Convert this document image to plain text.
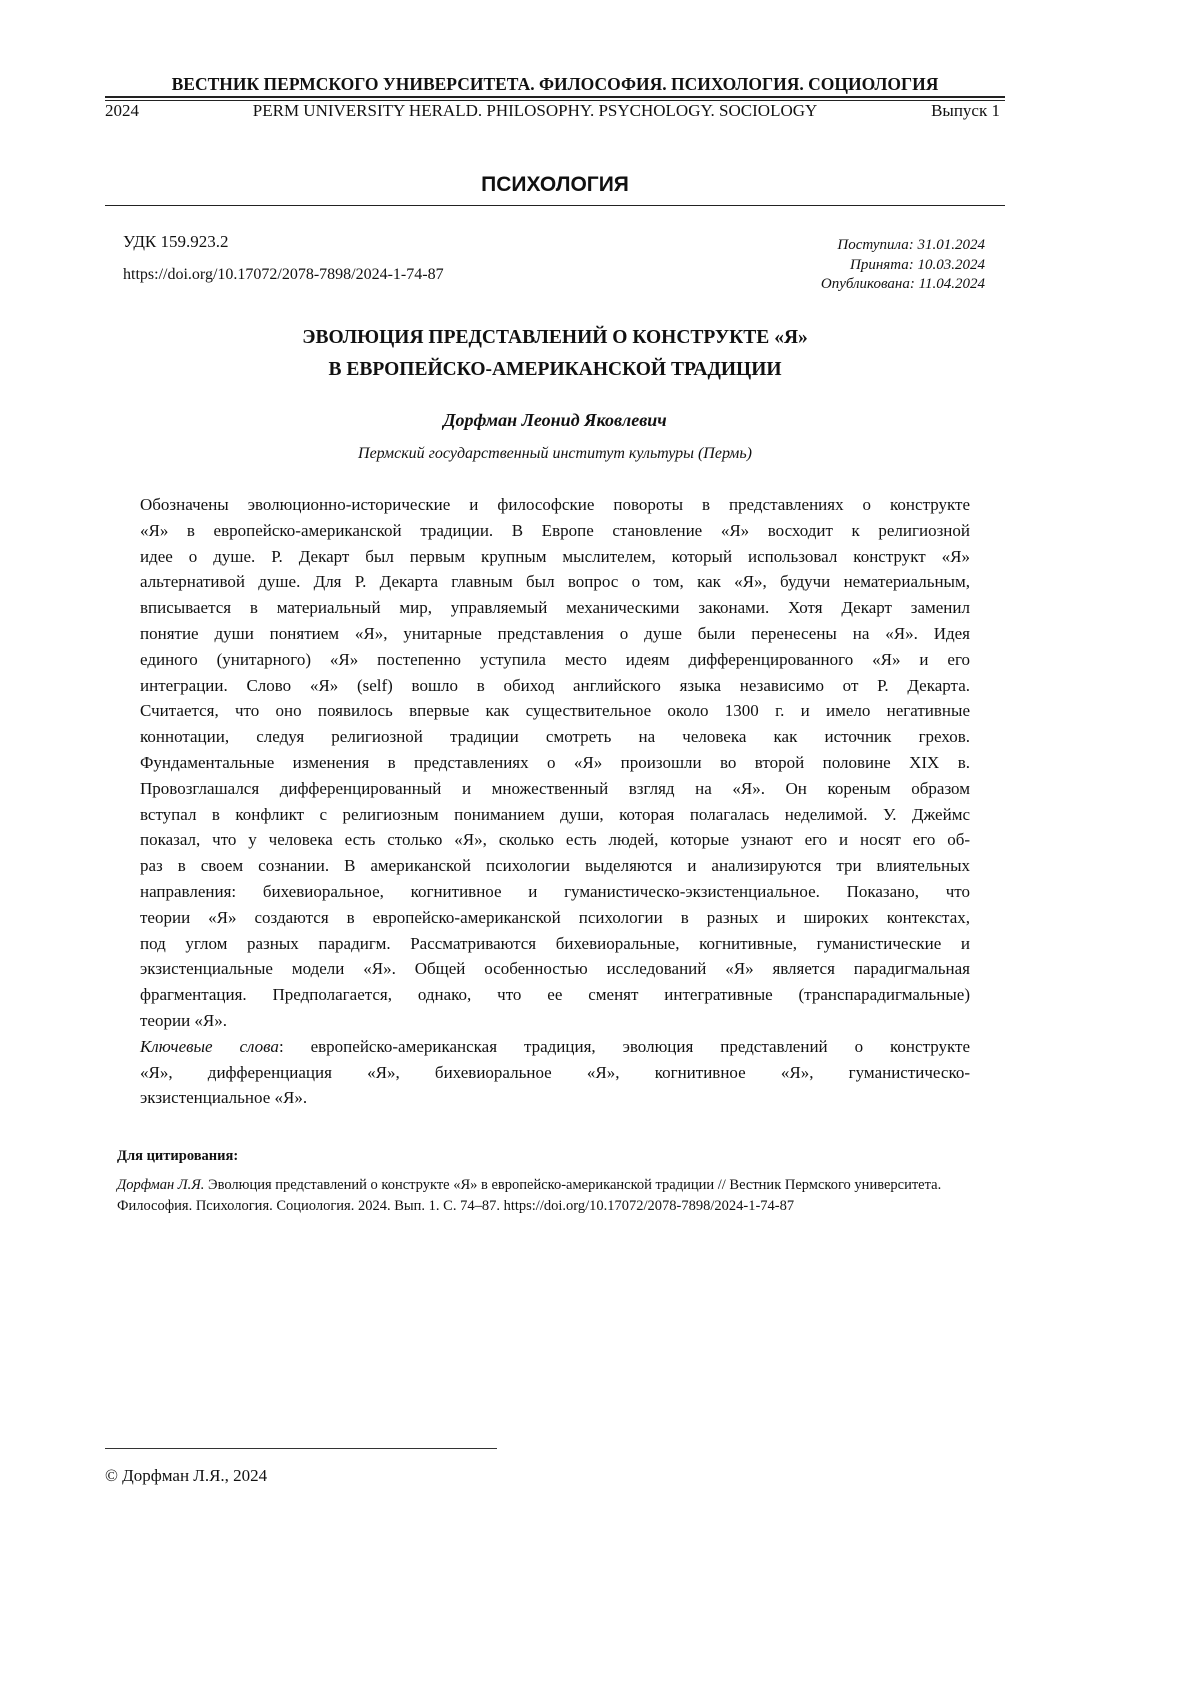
ВЕСТНИК ПЕРМСКОГО УНИВЕРСИТЕТА. ФИЛОСОФИЯ. ПСИХОЛОГИЯ. СОЦИОЛОГИЯ
2024	PERM UNIVERSITY HERALD. PHILOSOPHY. PSYCHOLOGY. SOCIOLOGY	Выпуск 1
ПСИХОЛОГИЯ
УДК 159.923.2
https://doi.org/10.17072/2078-7898/2024-1-74-87
Поступила: 31.01.2024
Принята: 10.03.2024
Опубликована: 11.04.2024
ЭВОЛЮЦИЯ ПРЕДСТАВЛЕНИЙ О КОНСТРУКТЕ «Я»
В ЕВРОПЕЙСКО-АМЕРИКАНСКОЙ ТРАДИЦИИ
Дорфман Леонид Яковлевич
Пермский государственный институт культуры (Пермь)
Обозначены эволюционно-исторические и философские повороты в представлениях о конструкте
«Я» в европейско-американской традиции. В Европе становление «Я» восходит к религиозной
идее о душе. Р. Декарт был первым крупным мыслителем, который использовал конструкт «Я»
альтернативой душе. Для Р. Декарта главным был вопрос о том, как «Я», будучи нематериальным,
вписывается в материальный мир, управляемый механическими законами. Хотя Декарт заменил
понятие души понятием «Я», унитарные представления о душе были перенесены на «Я». Идея
единого (унитарного) «Я» постепенно уступила место идеям дифференцированного «Я» и его
интеграции. Слово «Я» (self) вошло в обиход английского языка независимо от Р. Декарта.
Считается, что оно появилось впервые как существительное около 1300 г. и имело негативные
коннотации, следуя религиозной традиции смотреть на человека как источник грехов.
Фундаментальные изменения в представлениях о «Я» произошли во второй половине XIX в.
Провозглашался дифференцированный и множественный взгляд на «Я». Он кореным образом
вступал в конфликт с религиозным пониманием души, которая полагалась неделимой. У. Джеймс
показал, что у человека есть столько «Я», сколько есть людей, которые узнают его и носят его об-
раз в своем сознании. В американской психологии выделяются и анализируются три влиятельных
направления: бихевиоральное, когнитивное и гуманистическо-экзистенциальное. Показано, что
теории «Я» создаются в европейско-американской психологии в разных и широких контекстах,
под углом разных парадигм. Рассматриваются бихевиоральные, когнитивные, гуманистические и
экзистенциальные модели «Я». Общей особенностью исследований «Я» является парадигмальная
фрагментация. Предполагается, однако, что ее сменят интегративные (транспарадигмальные)
теории «Я».
Ключевые слова: европейско-американская традиция, эволюция представлений о конструкте
«Я», дифференциация «Я», бихевиоральное «Я», когнитивное «Я», гуманистическо-
экзистенциальное «Я».
Для цитирования:
Дорфман Л.Я. Эволюция представлений о конструкте «Я» в европейско-американской традиции // Вестник Пермского университета. Философия. Психология. Социология. 2024. Вып. 1. С. 74–87. https://doi.org/10.17072/2078-7898/2024-1-74-87
© Дорфман Л.Я., 2024
